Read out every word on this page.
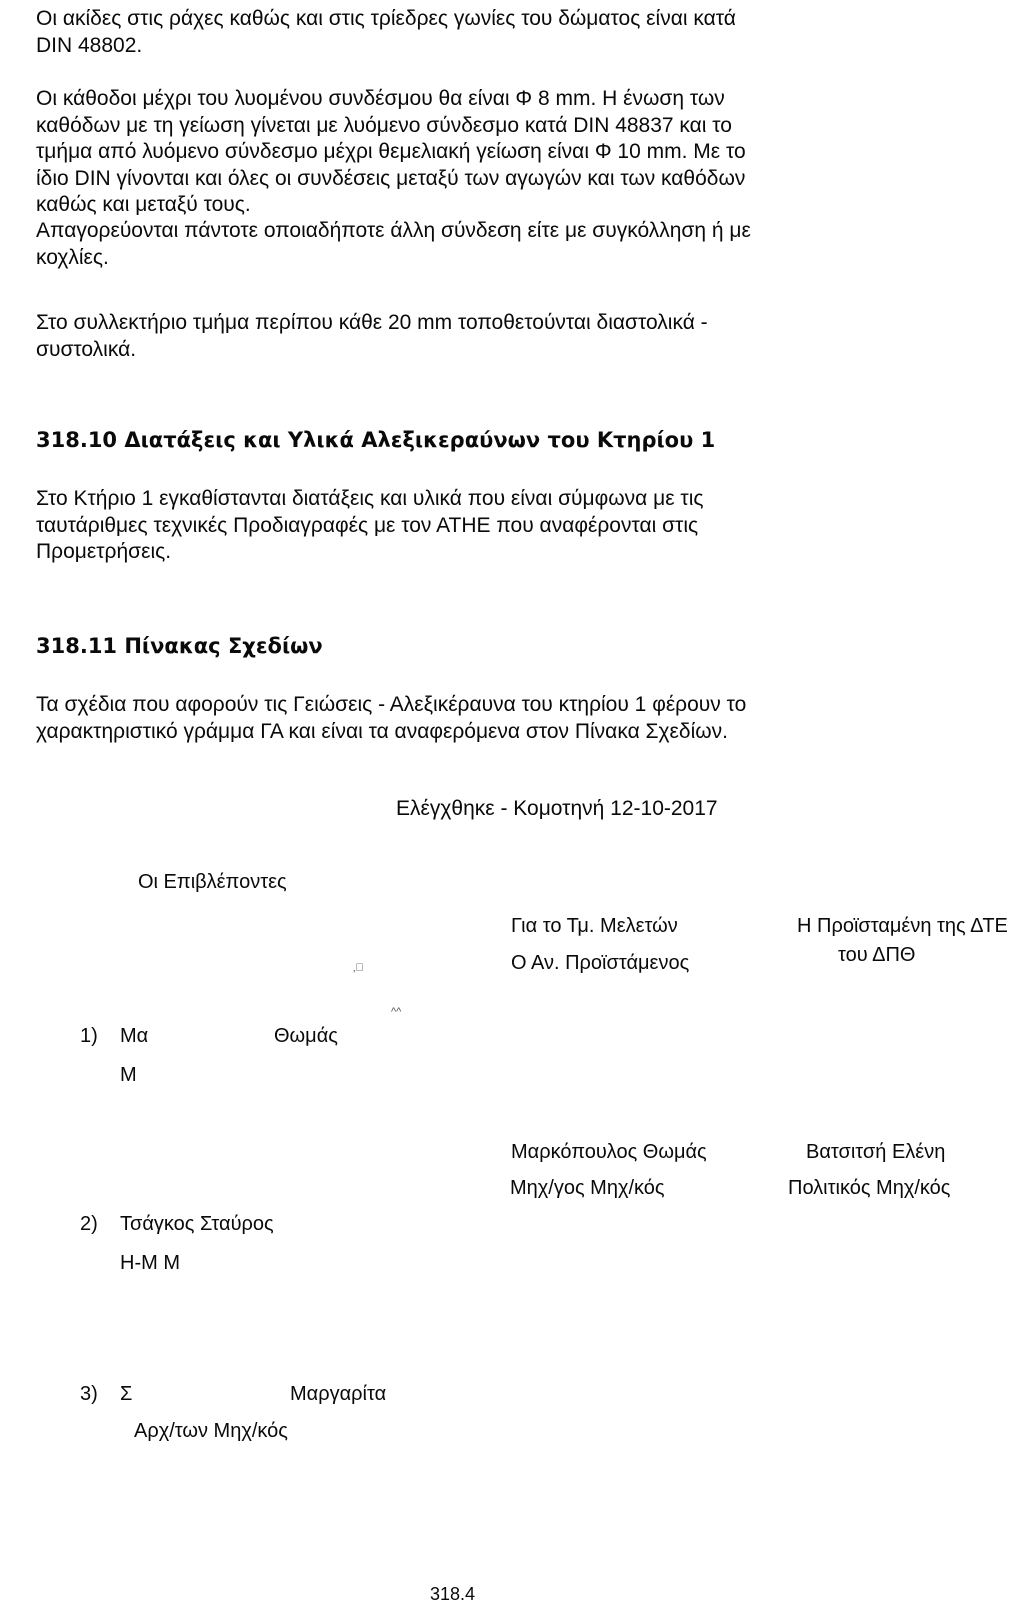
Οι ακίδες στις ράχες καθώς και στις τρίεδρες γωνίες του δώματος είναι κατά
DIN 48802.
Οι κάθοδοι μέχρι του λυομένου συνδέσμου θα είναι Φ 8 mm. Η ένωση των
καθόδων με τη γείωση γίνεται με λυόμενο σύνδεσμο κατά DIN 48837 και το
τμήμα από λυόμενο σύνδεσμο μέχρι θεμελιακή γείωση είναι Φ 10 mm. Με το
ίδιο DIN γίνονται και όλες οι συνδέσεις μεταξύ των αγωγών και των καθόδων
καθώς και μεταξύ τους.
Απαγορεύονται πάντοτε οποιαδήποτε άλλη σύνδεση είτε με συγκόλληση ή με
κοχλίες.
Στο συλλεκτήριο τμήμα περίπου κάθε 20 mm τοποθετούνται διαστολικά -
συστολικά.
318.10 Διατάξεις και Υλικά Αλεξικεραύνων του Κτηρίου 1
Στο Κτήριο 1 εγκαθίστανται διατάξεις και υλικά που είναι σύμφωνα με τις
ταυτάριθμες τεχνικές Προδιαγραφές με τον ΑΤΗΕ που αναφέρονται στις
Προμετρήσεις.
318.11 Πίνακας Σχεδίων
Τα σχέδια που αφορούν τις Γειώσεις - Αλεξικέραυνα του κτηρίου 1 φέρουν το
χαρακτηριστικό γράμμα ΓΑ και είναι τα αναφερόμενα στον Πίνακα Σχεδίων.
Ελέγχθηκε - Κομοτηνή 12-10-2017
Οι Επιβλέποντες
Για το Τμ. Μελετών
Ο Αν. Προϊστάμενος
Η Προϊσταμένη της ΔΤΕ
του ΔΠΘ
‚ﾞ
^^
1) Μα	Θωμάς
Μ
Μαρκόπουλος Θωμάς
Μηχ/γος Μηχ/κός
Βατσιτσή Ελένη
Πολιτικός Μηχ/κός
2) Τσάγκος Σταύρος
Η-Μ Μ
3) Σ	Μαργαρίτα
Αρχ/των Μηχ/κός
318.4
